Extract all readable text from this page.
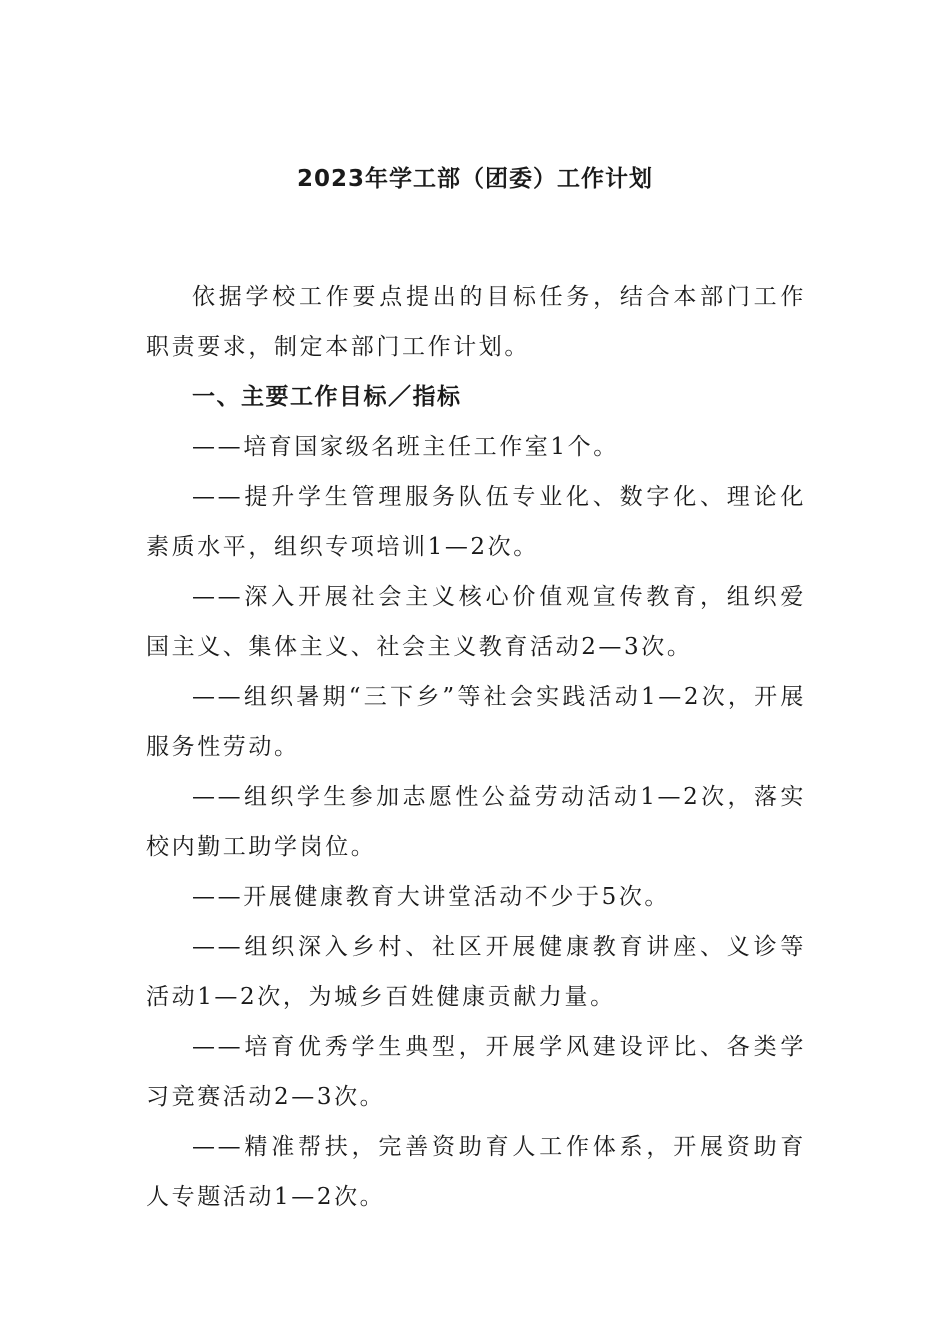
2023年学工部（团委）工作计划

依据学校工作要点提出的目标任务，结合本部门工作职责要求，制定本部门工作计划。

一、主要工作目标／指标

——培育国家级名班主任工作室1个。

——提升学生管理服务队伍专业化、数字化、理论化素质水平，组织专项培训1—2次。

——深入开展社会主义核心价值观宣传教育，组织爱国主义、集体主义、社会主义教育活动2—3次。

——组织暑期“三下乡”等社会实践活动1—2次，开展服务性劳动。

——组织学生参加志愿性公益劳动活动1—2次，落实校内勤工助学岗位。

——开展健康教育大讲堂活动不少于5次。

——组织深入乡村、社区开展健康教育讲座、义诊等活动1—2次，为城乡百姓健康贡献力量。

——培育优秀学生典型，开展学风建设评比、各类学习竞赛活动2—3次。

——精准帮扶，完善资助育人工作体系，开展资助育人专题活动1—2次。
